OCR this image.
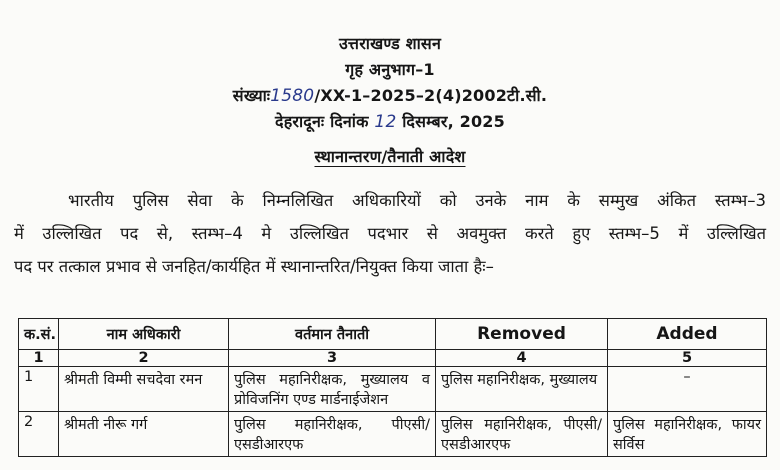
उत्तराखण्ड शासन
गृह अनुभाग–1
संख्याः1580/XX-1–2025–2(4)2002टी.सी.
देहरादूनः दिनांक 12 दिसम्बर, 2025
स्थानान्तरण/तैनाती आदेश
भारतीय पुलिस सेवा के निम्नलिखित अधिकारियों को उनके नाम के सम्मुख अंकित स्तम्भ–3
में उल्लिखित पद से, स्तम्भ–4 मे उल्लिखित पदभार से अवमुक्त करते हुए स्तम्भ–5 में उल्लिखित
पद पर तत्काल प्रभाव से जनहित/कार्यहित में स्थानान्तरित/नियुक्त किया जाता हैः–
क.सं.	नाम अधिकारी	वर्तमान तैनाती	Removed	Added
1	2	3	4	5
1	श्रीमती विम्मी सचदेवा रमन	पुलिस महानिरीक्षक, मुख्यालय व प्रोविजनिंग एण्ड मार्डनाईजेशन	पुलिस महानिरीक्षक, मुख्यालय	–
2	श्रीमती नीरू गर्ग	पुलिस महानिरीक्षक, पीएसी/एसडीआरएफ	पुलिस महानिरीक्षक, पीएसी/एसडीआरएफ	पुलिस महानिरीक्षक, फायर सर्विस
